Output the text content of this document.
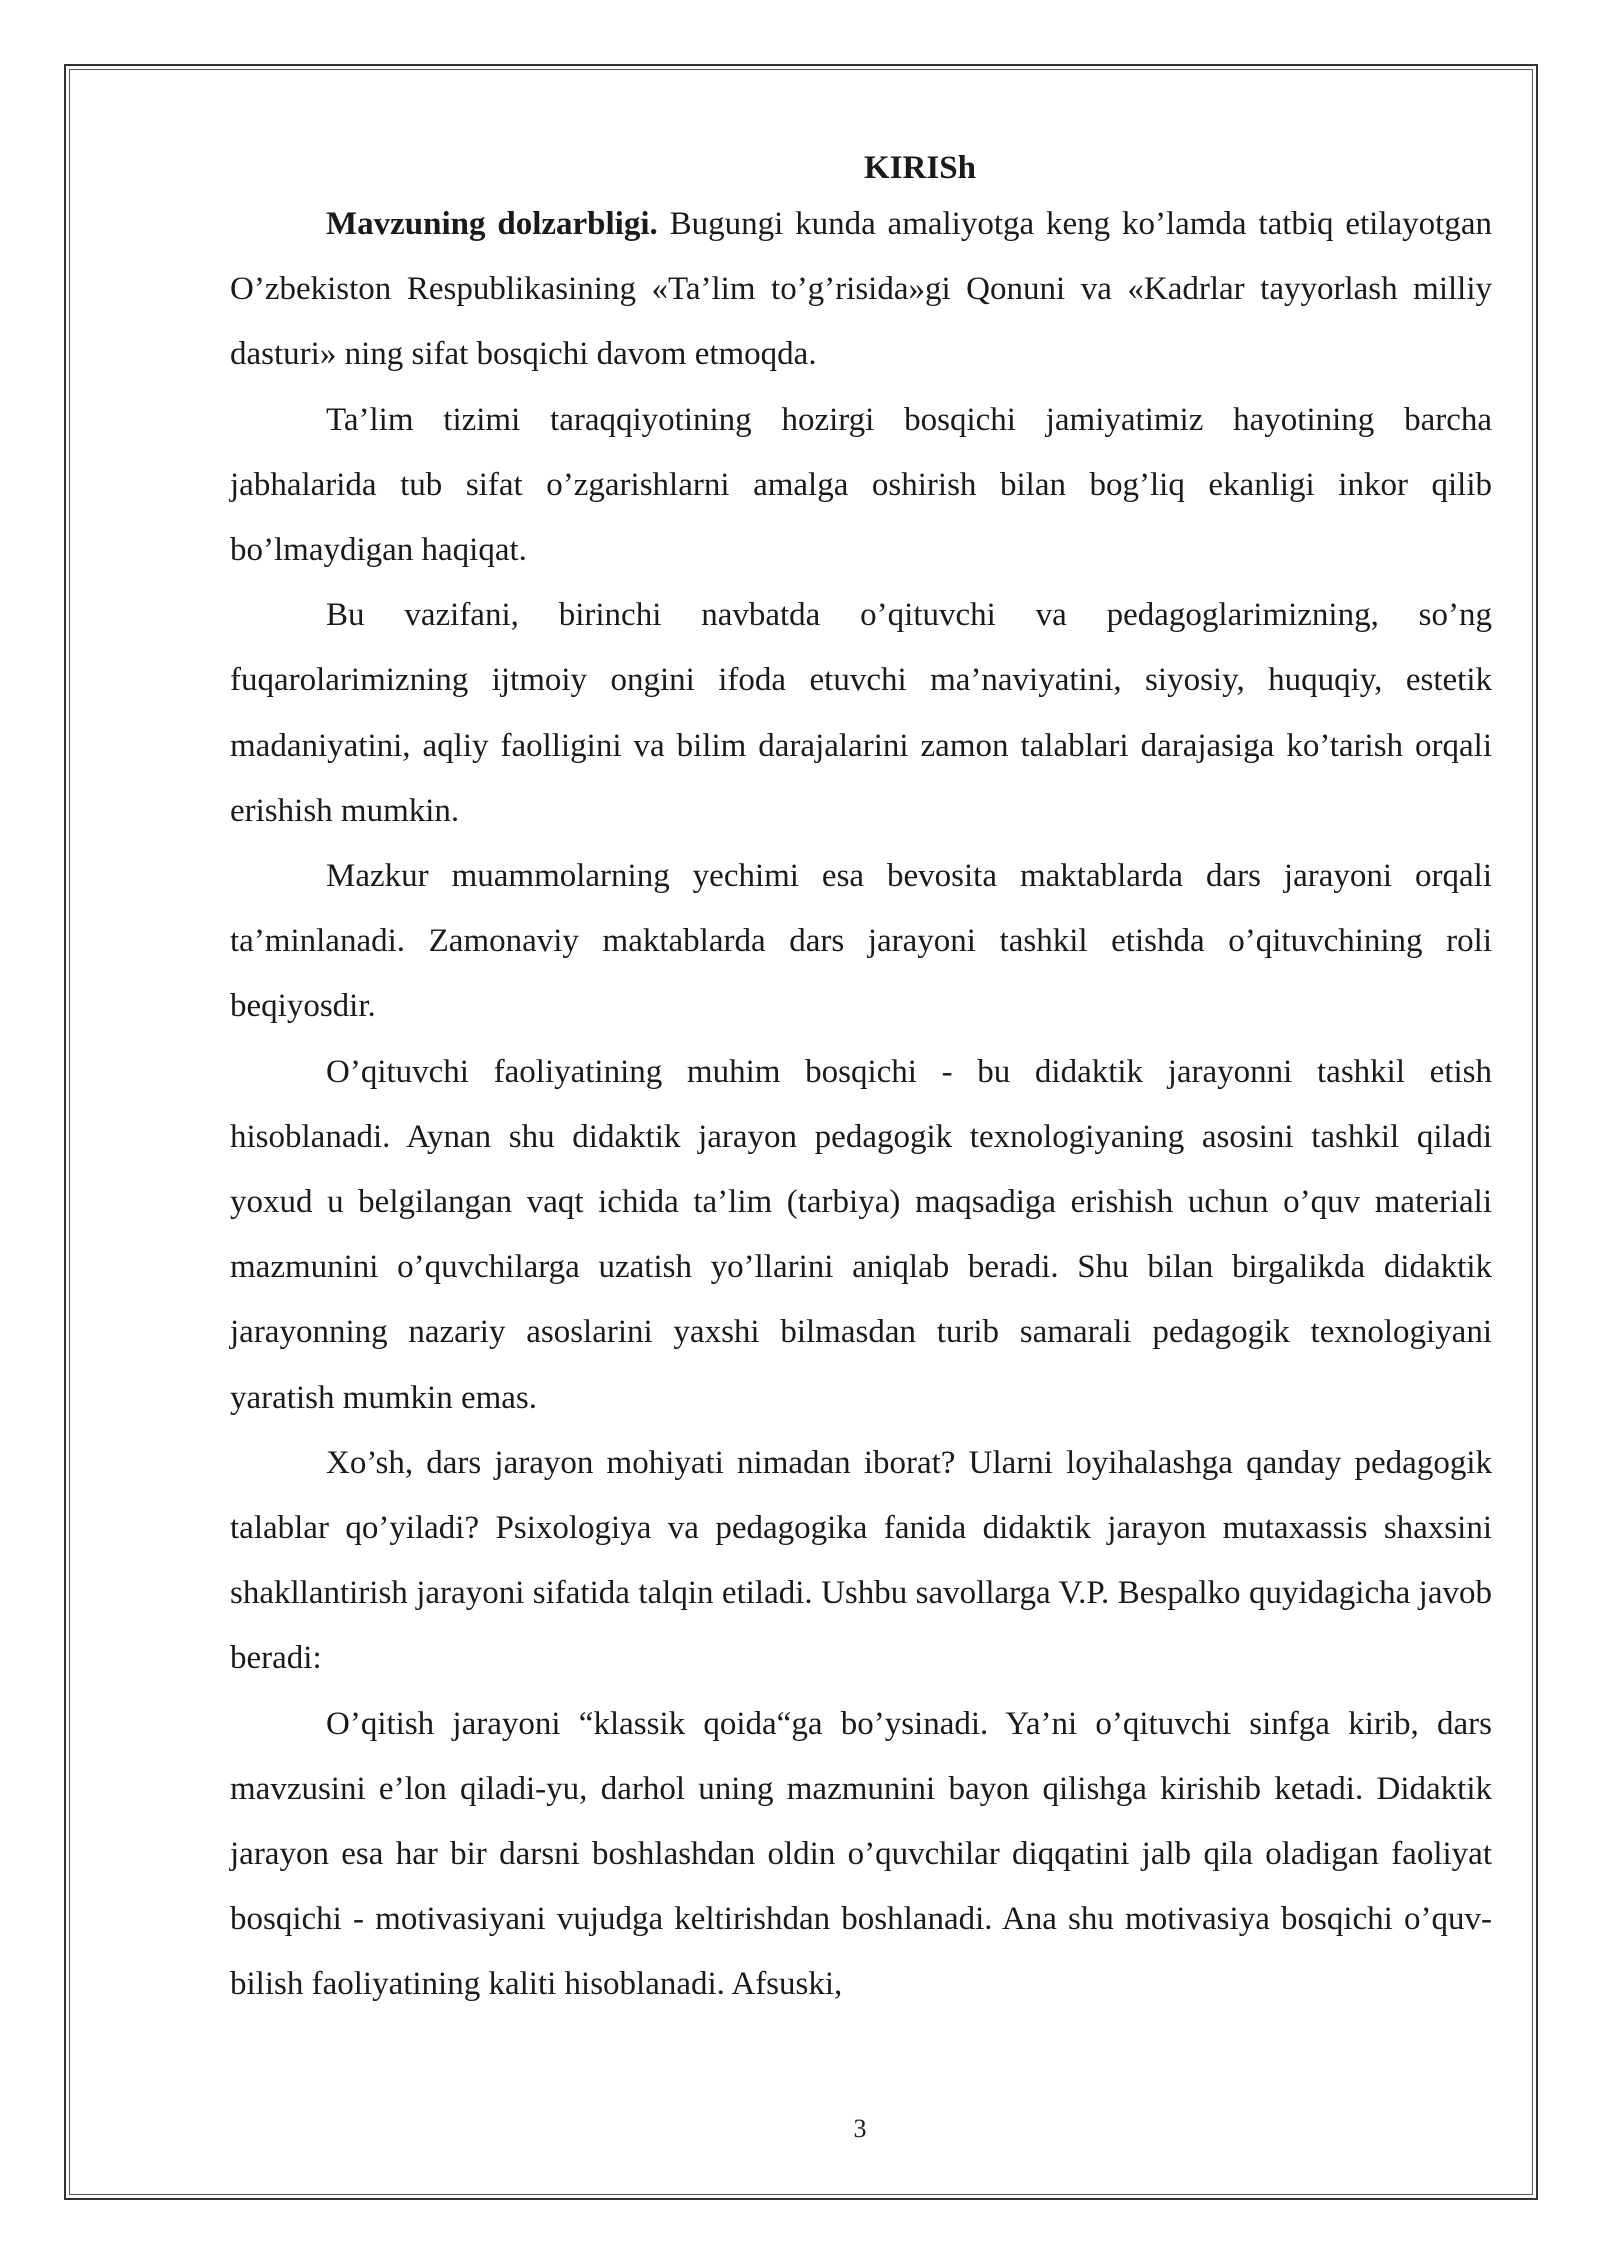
KIRISh

Mavzuning dolzarbligi. Bugungi kunda amaliyotga keng ko’lamda tatbiq etilayotgan O’zbekiston Respublikasining «Ta’lim to’g’risida»gi Qonuni va «Kadrlar tayyorlash milliy dasturi» ning sifat bosqichi davom etmoqda.

Ta’lim tizimi taraqqiyotining hozirgi bosqichi jamiyatimiz hayotining barcha jabhalarida tub sifat o’zgarishlarni amalga oshirish bilan bog’liq ekanligi inkor qilib bo’lmaydigan haqiqat.

Bu vazifani, birinchi navbatda o’qituvchi va pedagoglarimizning, so’ng fuqarolarimizning ijtmoiy ongini ifoda etuvchi ma’naviyatini, siyosiy, huquqiy, estetik madaniyatini, aqliy faolligini va bilim darajalarini zamon talablari darajasiga ko’tarish orqali erishish mumkin.

Mazkur muammolarning yechimi esa bevosita maktablarda dars jarayoni orqali ta’minlanadi. Zamonaviy maktablarda dars jarayoni tashkil etishda o’qituvchining roli beqiyosdir.

O’qituvchi faoliyatining muhim bosqichi - bu didaktik jarayonni tashkil etish hisoblanadi. Aynan shu didaktik jarayon pedagogik texnologiyaning asosini tashkil qiladi yoxud u belgilangan vaqt ichida ta’lim (tarbiya) maqsadiga erishish uchun o’quv materiali mazmunini o’quvchilarga uzatish yo’llarini aniqlab beradi. Shu bilan birgalikda didaktik jarayonning nazariy asoslarini yaxshi bilmasdan turib samarali pedagogik texnologiyani yaratish mumkin emas.

Xo’sh, dars jarayon mohiyati nimadan iborat? Ularni loyihalashga qanday pedagogik talablar qo’yiladi? Psixologiya va pedagogika fanida didaktik jarayon mutaxassis shaxsini shakllantirish jarayoni sifatida talqin etiladi. Ushbu savollarga V.P. Bespalko quyidagicha javob beradi:

O’qitish jarayoni “klassik qoida“ga bo’ysinadi. Ya’ni o’qituvchi sinfga kirib, dars mavzusini e’lon qiladi-yu, darhol uning mazmunini bayon qilishga kirishib ketadi. Didaktik jarayon esa har bir darsni boshlashdan oldin o’quvchilar diqqatini jalb qila oladigan faoliyat bosqichi - motivasiyani vujudga keltirishdan boshlanadi. Ana shu motivasiya bosqichi o’quv-bilish faoliyatining kaliti hisoblanadi. Afsuski,

3
